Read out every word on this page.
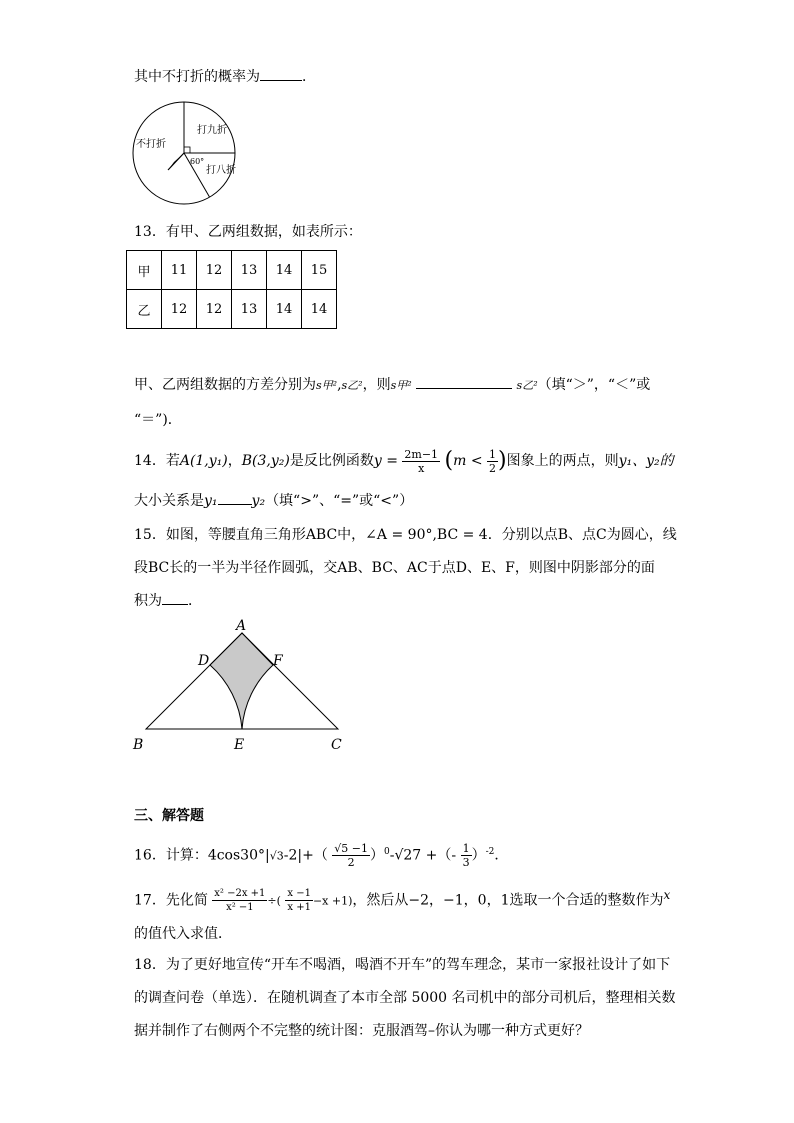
其中不打折的概率为	．
不打折
打九折
打八折
60°
13．有甲、乙两组数据，如表所示：
甲	11	12	13	14	15
乙	12	12	13	14	14
甲、乙两组数据的方差分别为s甲²,s乙²，则s甲²	s乙²（填“＞”，“＜”或
“＝”)．
14．若A(1,y₁)，B(3,y₂)是反比例函数$y = \frac{2m-1}{x} (m < \frac{1}{2}$ )图象上的两点，则y₁、y₂的
大小关系是y₁ y₂（填“>”、“=”或“<”）
15．如图，等腰直角三角形ABC中，∠A = 90°,BC = 4．分别以点B、点C为圆心，线
段BC长的一半为半径作圆弧，交AB、BC、AC于点D、E、F，则图中阴影部分的面
积为 ．
A
D	F
B	E	C
三、解答题
16．计算：$4\cos 30^\circ|√3-2|+( \frac{√5 -1}{2} )^0-√27$ +（- $\frac{1}{3} )^{-2}$．
17．先化简 $\frac{\text{x² −2x +1}}{\text{x² −1}}$ ÷( $\frac{x -1}{x +1} -x +1$)，然后从−2，−1，0，1选取一个合适的整数作为x
的值代入求值．
18．为了更好地宣传“开车不喝酒，喝酒不开车”的驾车理念，某市一家报社设计了如下
的调查问卷（单选）．在随机调查了本市全部 5000 名司机中的部分司机后，整理相关数
据并制作了右侧两个不完整的统计图：克服酒驾–你认为哪一种方式更好？
